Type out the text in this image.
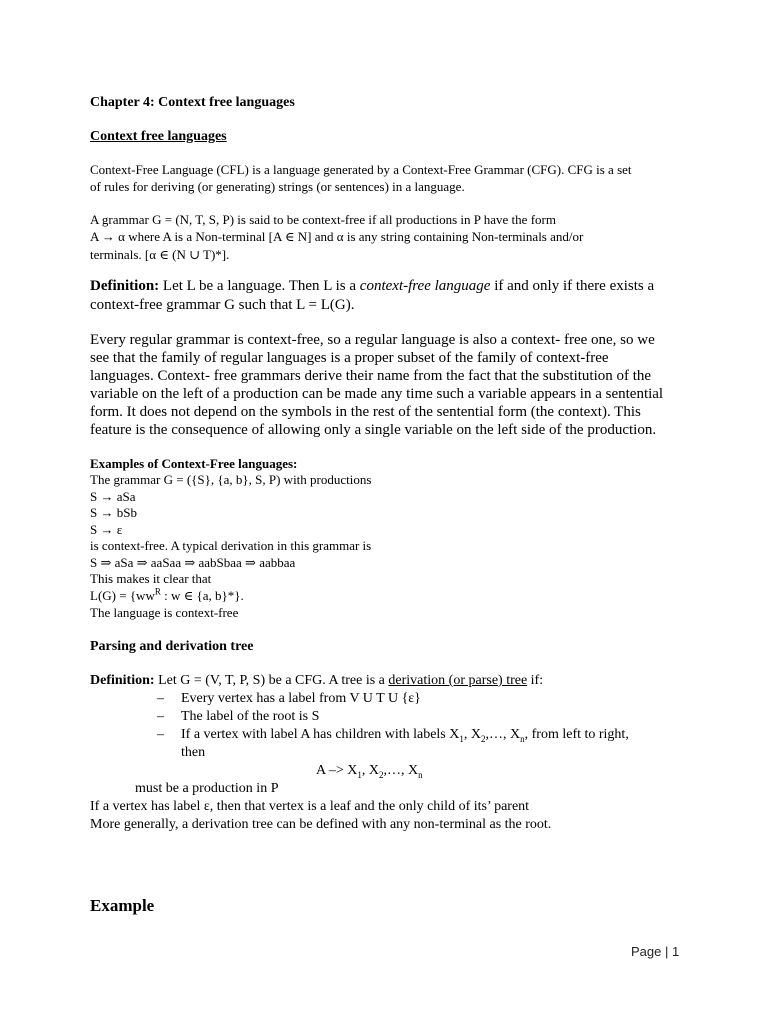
Chapter 4: Context free languages
Context free languages
Context-Free Language (CFL) is a language generated by a Context-Free Grammar (CFG). CFG is a set
of rules for deriving (or generating) strings (or sentences) in a language.
A grammar G = (N, T, S, P) is said to be context-free if all productions in P have the form
A → α where A is a Non-terminal [A ∈ N] and α is any string containing Non-terminals and/or
terminals. [α ∈ (N ∪ T)*].
Definition: Let L be a language. Then L is a context-free language if and only if there exists a
context-free grammar G such that L = L(G).
Every regular grammar is context-free, so a regular language is also a context- free one, so we
see that the family of regular languages is a proper subset of the family of context-free
languages. Context- free grammars derive their name from the fact that the substitution of the
variable on the left of a production can be made any time such a variable appears in a sentential
form. It does not depend on the symbols in the rest of the sentential form (the context). This
feature is the consequence of allowing only a single variable on the left side of the production.
Examples of Context-Free languages:
The grammar G = ({S}, {a, b}, S, P) with productions
S → aSa
S → bSb
S → ε
is context-free. A typical derivation in this grammar is
S ⇒ aSa ⇒ aaSaa ⇒ aabSbaa ⇒ aabbaa
This makes it clear that
$L(G) = \{ww^R$ : w ∈ {a, b}*}.
The language is context-free
Parsing and derivation tree
Definition: Let G = (V, T, P, S) be a CFG. A tree is a derivation (or parse) tree if:
– Every vertex has a label from V U T U {ε}
– The label of the root is S
– If a vertex with label A has children with labels $X_1$, $X_2,\dots$, $X_n$, from left to right,
then
$A -> X_1$, $X_2,\dots$, $X_n$
must be a production in P
If a vertex has label ε, then that vertex is a leaf and the only child of its’ parent
More generally, a derivation tree can be defined with any non-terminal as the root.
Example
Page | 1
